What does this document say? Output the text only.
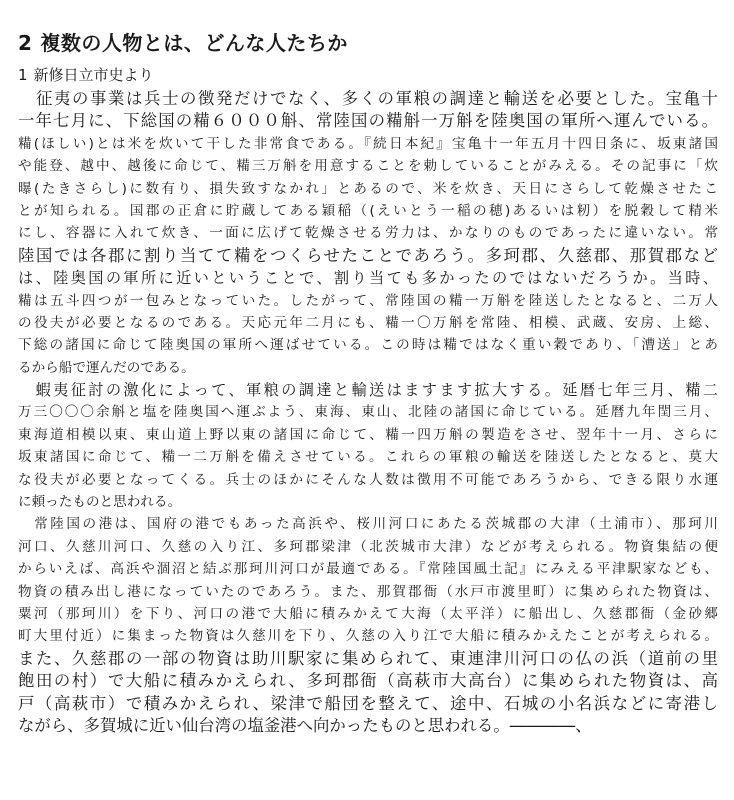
2 複数の人物とは、どんな人たちか
1 新修日立市史より
　征夷の事業は兵士の徴発だけでなく、多くの軍粮の調達と輸送を必要とした。宝亀十
一年七月に、下総国の糒６０００斛、常陸国の糒斛一万斛を陸奥国の軍所へ運んでいる。
糒(ほしい)とは米を炊いて干した非常食である。『続日本紀』宝亀十一年五月十四日条に、坂東諸国
や能登、越中、越後に命じて、糒三万斛を用意することを勅していることがみえる。その記事に「炊
曝(たきさらし)に数有り、損失致すなかれ」とあるので、米を炊き、天日にさらして乾燥させたこ
とが知られる。国郡の正倉に貯蔵してある穎稲（(えいとう一稲の穂)あるいは籾）を脱穀して精米
にし、容器に入れて炊き、一面に広げて乾燥させる労力は、かなりのものであったに違いない。常
陸国では各郡に割り当てて糒をつくらせたことであろう。多珂郡、久慈郡、那賀郡など
は、陸奥国の軍所に近いということで、割り当ても多かったのではないだろうか。当時、
糒は五斗四つが一包みとなっていた。したがって、常陸国の糒一万斛を陸送したとなると、二万人
の役夫が必要となるのである。天応元年二月にも、糒一〇万斛を常陸、相模、武蔵、安房、上総、
下総の諸国に命じて陸奥国の軍所へ運ばせている。この時は糒ではなく重い穀であり、「漕送」とあ
るから船で運んだのである。
　蝦夷征討の激化によって、軍粮の調達と輸送はますます拡大する。延暦七年三月、糒二
万三〇〇〇余斛と塩を陸奥国へ運ぶよう、東海、東山、北陸の諸国に命じている。延暦九年閏三月、
東海道相模以東、東山道上野以東の諸国に命じて、糒一四万斛の製造をさせ、翌年十一月、さらに
坂東諸国に命じて、糒一二万斛を備えさせている。これらの軍粮の輸送を陸送したとなると、莫大
な役夫が必要となってくる。兵士のほかにそんな人数は徴用不可能であろうから、できる限り水運
に頼ったものと思われる。
　常陸国の港は、国府の港でもあった高浜や、桜川河口にあたる茨城郡の大津（土浦市）、那珂川
河口、久慈川河口、久慈の入り江、多珂郡梁津（北茨城市大津）などが考えられる。物資集結の便
からいえば、高浜や涸沼と結ぶ那珂川河口が最適である。『常陸国風土記』にみえる平津駅家なども、
物資の積み出し港になっていたのであろう。また、那賀郡衙（水戸市渡里町）に集められた物資は、
粟河（那珂川）を下り、河口の港で大船に積みかえて大海（太平洋）に船出し、久慈郡衙（金砂郷
町大里付近）に集まった物資は久慈川を下り、久慈の入り江で大船に積みかえたことが考えられる。
また、久慈郡の一部の物資は助川駅家に集められて、東連津川河口の仏の浜（道前の里
飽田の村）で大船に積みかえられ、多珂郡衙（高萩市大高台）に集められた物資は、高
戸（高萩市）で積みかえられ、梁津で船団を整えて、途中、石城の小名浜などに寄港し
ながら、多賀城に近い仙台湾の塩釜港へ向かったものと思われる。――――、
